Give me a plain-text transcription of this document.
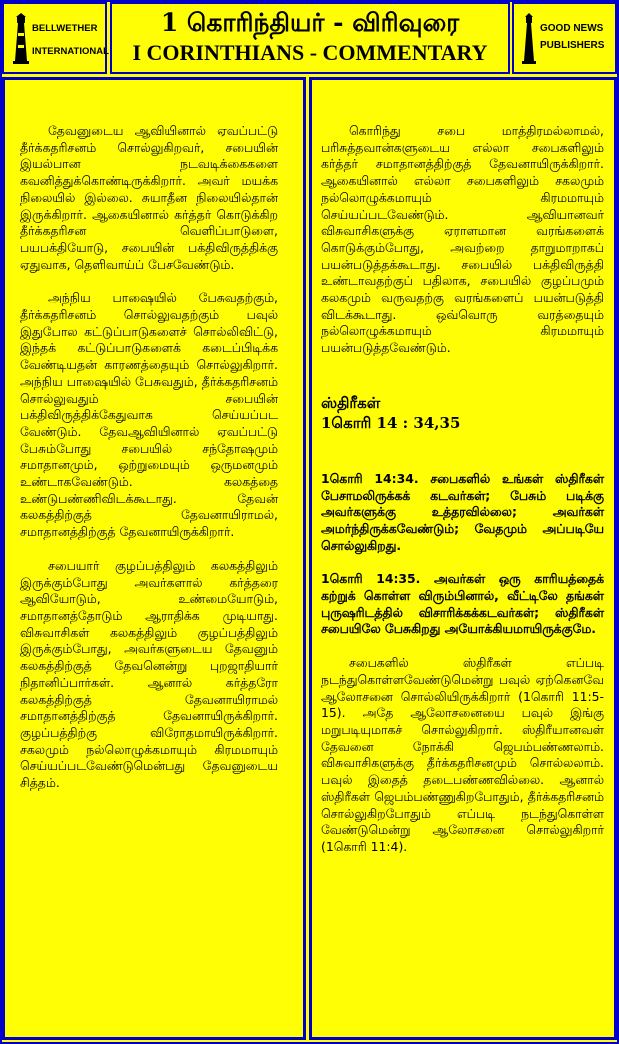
BELLWETHER
INTERNATIONAL
1 கொரிந்தியர் - விரிவுரை
I CORINTHIANS - COMMENTARY
GOOD NEWS
PUBLISHERS

தேவனுடைய ஆவியினால் ஏவப்பட்டு தீர்க்கதரிசனம் சொல்லுகிறவர், சபையின் இயல்பான நடவடிக்கைகளை கவனித்துக்கொண்டிருக்கிறார். அவர் மயக்க நிலையில் இல்லை. சுயாதீன நிலையில்தான் இருக்கிறார். ஆகையினால் கர்த்தர் கொடுக்கிற தீர்க்கதரிசன வெளிப்பாடுளை, பயபக்தியோடு, சபையின் பக்திவிருத்திக்கு ஏதுவாக, தெளிவாய்ப் பேசவேண்டும்.

அந்நிய பாஷையில் பேசுவதற்கும், தீர்க்கதரிசனம் சொல்லுவதற்கும் பவுல் இதுபோல கட்டுப்பாடுகளைச் சொல்லிவிட்டு, இந்தக் கட்டுப்பாடுகளைக் கடைப்பிடிக்க வேண்டியதன் காரணத்தையும் சொல்லுகிறார். அந்நிய பாஷையில் பேசுவதும், தீர்க்கதரிசனம் சொல்லுவதும் சபையின் பக்திவிருத்திக்கேதுவாக செய்யப்பட வேண்டும். தேவஆவியினால் ஏவப்பட்டு பேசும்போது சபையில் சந்தோஷமும் சமாதானமும், ஒற்றுமையும் ஒருமனமும் உண்டாகவேண்டும். கலகத்தை உண்டுபண்ணிவிடக்கூடாது. தேவன் கலகத்திற்குத் தேவனாயிராமல், சமாதானத்திற்குத் தேவனாயிருக்கிறார்.

சபையார் குழப்பத்திலும் கலகத்திலும் இருக்கும்போது அவர்களால் கர்த்தரை ஆவியோடும், உண்மையோடும், சமாதானத்தோடும் ஆராதிக்க முடியாது. விசுவாசிகள் கலகத்திலும் குழப்பத்திலும் இருக்கும்போது, அவர்களுடைய தேவனும் கலகத்திற்குத் தேவனென்று புறஜாதியார் நிதானிப்பார்கள். ஆனால் கர்த்தரோ கலகத்திற்குத் தேவனாயிராமல் சமாதானத்திற்குத் தேவனாயிருக்கிறார். குழப்பத்திற்கு விரோதமாயிருக்கிறார். சகலமும் நல்லொழுக்கமாயும் கிரமமாயும் செய்யப்படவேண்டுமென்பது தேவனுடைய சித்தம்.

கொரிந்து சபை மாத்திரமல்லாமல், பரிசுத்தவான்களுடைய எல்லா சபைகளிலும் கர்த்தர் சமாதானத்திற்குத் தேவனாயிருக்கிறார். ஆகையினால் எல்லா சபைகளிலும் சகலமும் நல்லொழுக்கமாயும் கிரமமாயும் செய்யப்படவேண்டும். ஆவியானவர் விசுவாசிகளுக்கு ஏராளமான வரங்களைக் கொடுக்கும்போது, அவற்றை தாறுமாறாகப் பயன்படுத்தக்கூடாது. சபையில் பக்திவிருத்தி உண்டாவதற்குப் பதிலாக, சபையில் குழப்பமும் கலகமும் வருவதற்கு வரங்களைப் பயன்படுத்தி விடக்கூடாது. ஒவ்வொரு வரத்தையும் நல்லொழுக்கமாயும் கிரமமாயும் பயன்படுத்தவேண்டும்.

ஸ்திரீகள்
1கொரி 14 : 34,35

1கொரி 14:34. சபைகளில் உங்கள் ஸ்திரீகள் பேசாமலிருக்கக் கடவர்கள்; பேசும் படிக்கு அவர்களுக்கு உத்தரவில்லை; அவர்கள் அமர்ந்திருக்கவேண்டும்; வேதமும் அப்படியே சொல்லுகிறது.

1கொரி 14:35. அவர்கள் ஒரு காரியத்தைக் கற்றுக் கொள்ள விரும்பினால், வீட்டிலே தங்கள் புருஷரிடத்தில் விசாரிக்கக்கடவர்கள்; ஸ்திரீகள் சபையிலே பேசுகிறது அயோக்கியமாயிருக்குமே.

சபைகளில் ஸ்திரீகள் எப்படி நடந்துகொள்ளவேண்டுமென்று பவுல் ஏற்கெனவே ஆலோசனை சொல்லியிருக்கிறார் (1கொரி 11:5-15). அதே ஆலோசனையை பவுல் இங்கு மறுபடியுமாகச் சொல்லுகிறார். ஸ்திரீயானவள் தேவனை நோக்கி ஜெபம்பண்ணலாம். விசுவாசிகளுக்கு தீர்க்கதரிசனமும் சொல்லலாம். பவுல் இதைத் தடைபண்ணவில்லை. ஆனால் ஸ்திரீகள் ஜெபம்பண்ணுகிறபோதும், தீர்க்கதரிசனம் சொல்லுகிறபோதும் எப்படி நடந்துகொள்ள வேண்டுமென்று ஆலோசனை சொல்லுகிறார் (1கொரி 11:4).
